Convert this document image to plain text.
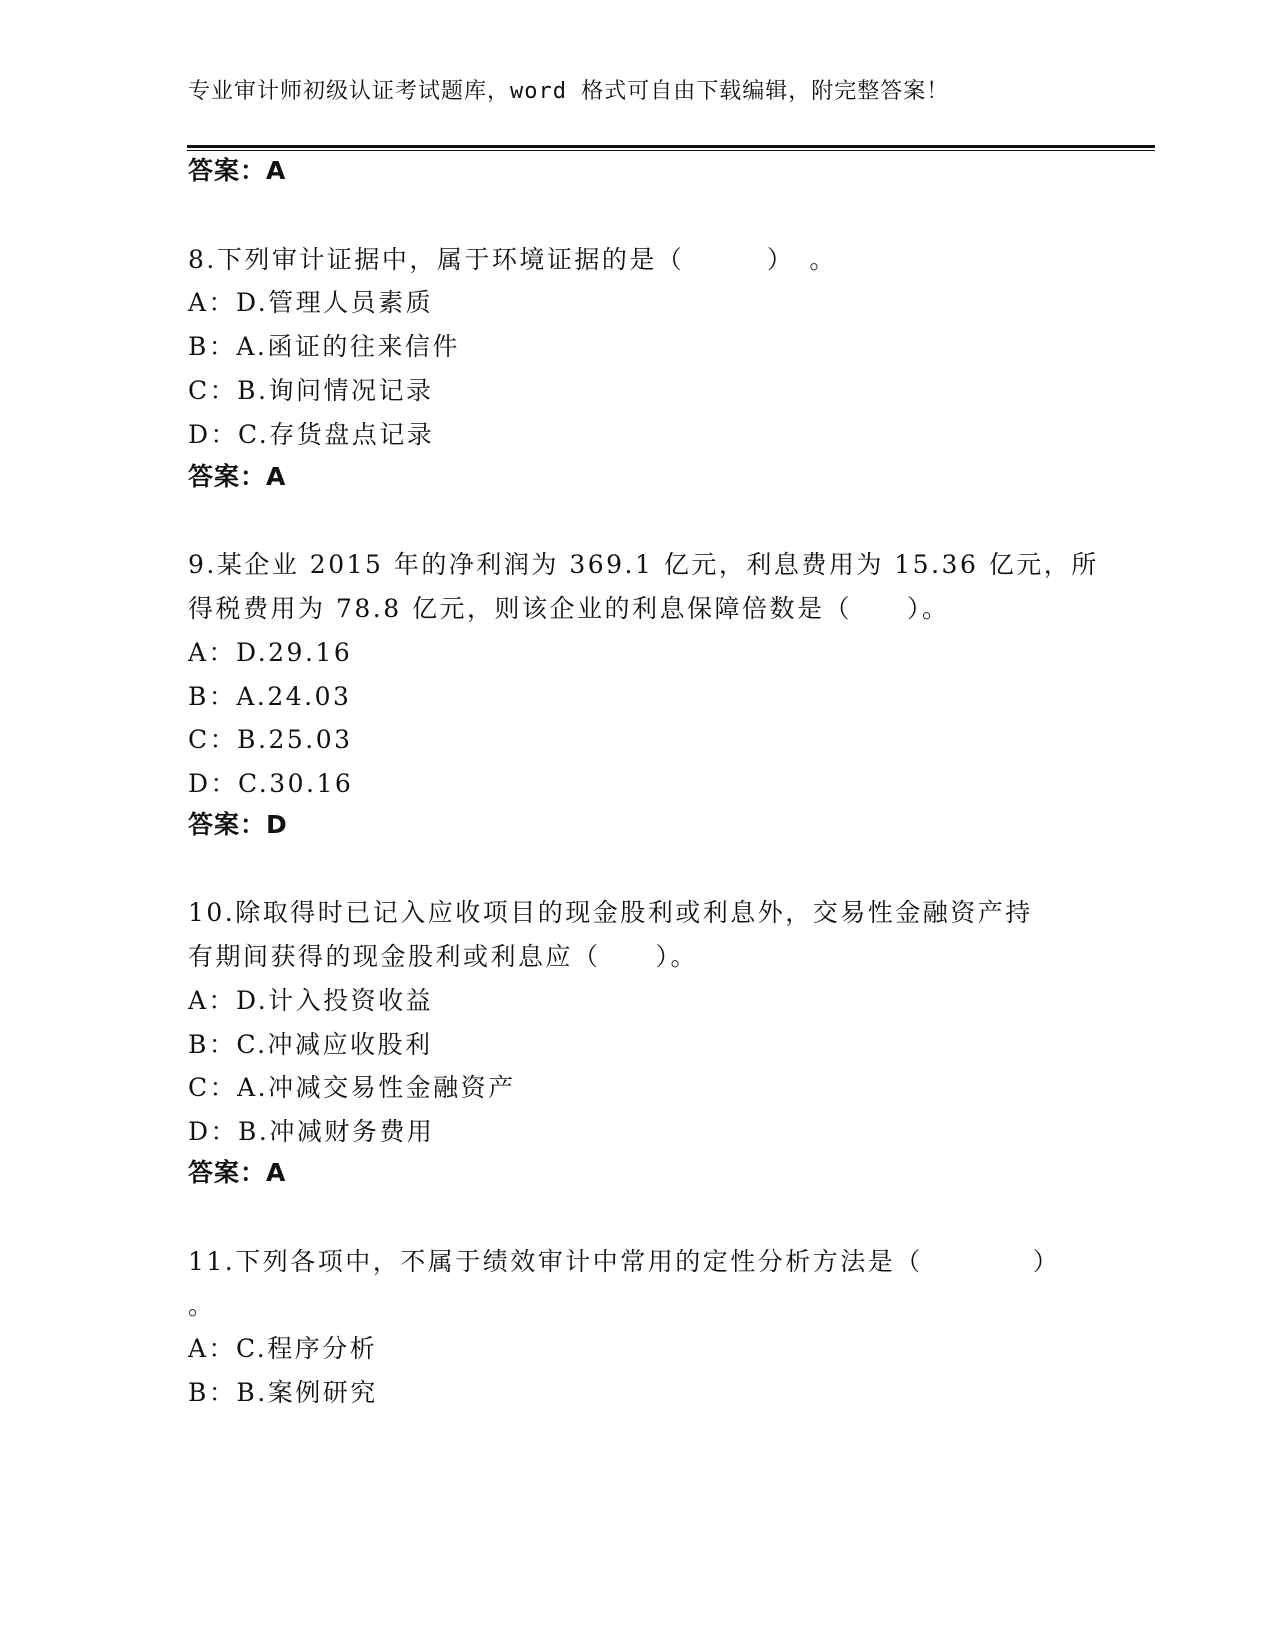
专业审计师初级认证考试题库，word 格式可自由下载编辑，附完整答案！
答案：A
8.下列审计证据中，属于环境证据的是（　　　）　。
A：D.管理人员素质
B：A.函证的往来信件
C：B.询问情况记录
D：C.存货盘点记录
答案：A
9.某企业 2015 年的净利润为 369.1 亿元，利息费用为 15.36 亿元，所
得税费用为 78.8 亿元，则该企业的利息保障倍数是（　　）。
A：D.29.16
B：A.24.03
C：B.25.03
D：C.30.16
答案：D
10.除取得时已记入应收项目的现金股利或利息外，交易性金融资产持
有期间获得的现金股利或利息应（　　）。
A：D.计入投资收益
B：C.冲减应收股利
C：A.冲减交易性金融资产
D：B.冲减财务费用
答案：A
11.下列各项中，不属于绩效审计中常用的定性分析方法是（　　　　）
。
A：C.程序分析
B：B.案例研究
